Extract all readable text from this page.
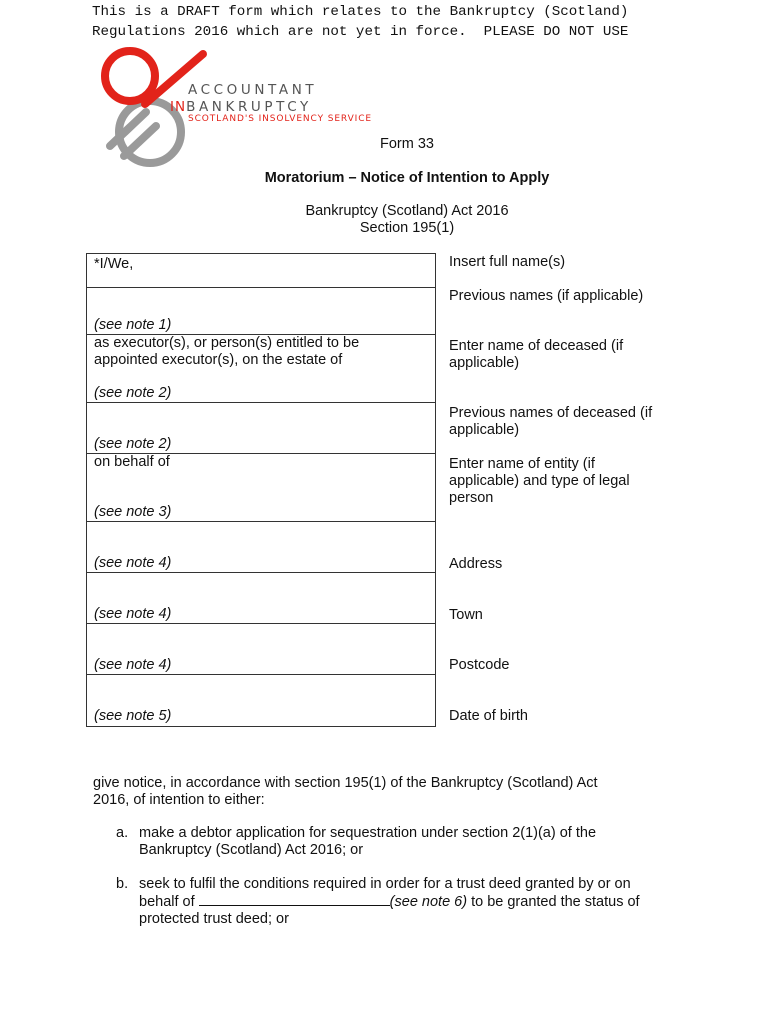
This is a DRAFT form which relates to the Bankruptcy (Scotland)
Regulations 2016 which are not yet in force.  PLEASE DO NOT USE
ACCOUNTANT
INBANKRUPTCY
SCOTLAND'S INSOLVENCY SERVICE
Form 33
Moratorium – Notice of Intention to Apply
Bankruptcy (Scotland) Act 2016
Section 195(1)
*I/We,
(see note 1)
as executor(s), or person(s) entitled to be
appointed executor(s), on the estate of
(see note 2)
(see note 2)
on behalf of
(see note 3)
(see note 4)
(see note 4)
(see note 4)
(see note 5)
Insert full name(s)
Previous names (if applicable)
Enter name of deceased (if
applicable)
Previous names of deceased (if
applicable)
Enter name of entity (if
applicable) and type of legal
person
Address
Town
Postcode
Date of birth
give notice, in accordance with section 195(1) of the Bankruptcy (Scotland) Act
2016, of intention to either:
a. make a debtor application for sequestration under section 2(1)(a) of the
Bankruptcy (Scotland) Act 2016; or
b. seek to fulfil the conditions required in order for a trust deed granted by or on
behalf of	(see note 6) to be granted the status of
protected trust deed; or
